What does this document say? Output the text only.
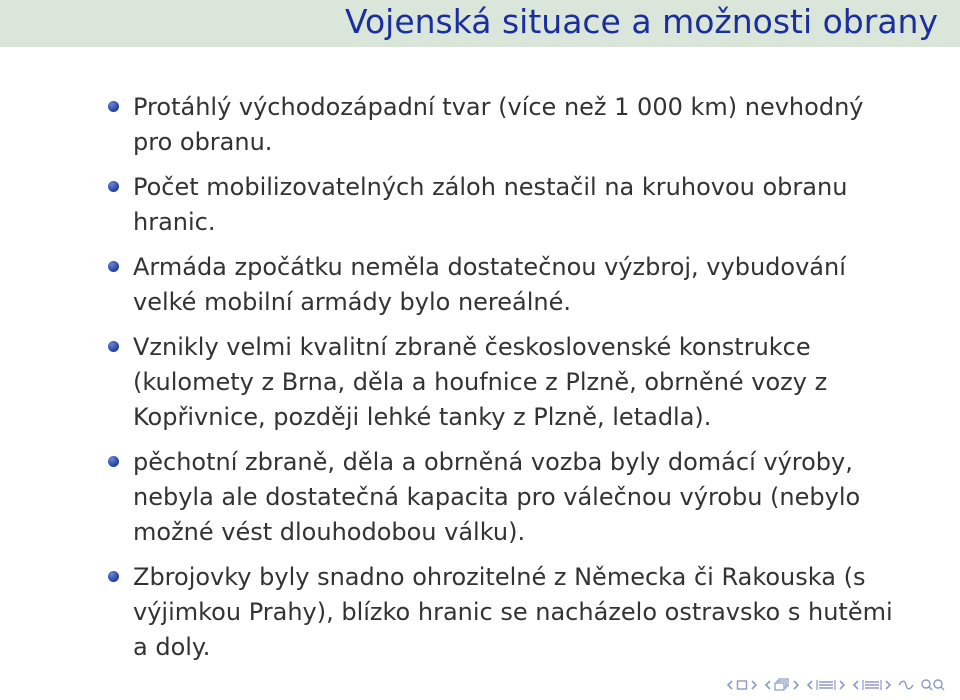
Vojenská situace a možnosti obrany
Protáhlý východozápadní tvar (více než 1 000 km) nevhodný pro obranu.
Počet mobilizovatelných záloh nestačil na kruhovou obranu hranic.
Armáda zpočátku neměla dostatečnou výzbroj, vybudování velké mobilní armády bylo nereálné.
Vznikly velmi kvalitní zbraně československé konstrukce (kulomety z Brna, děla a houfnice z Plzně, obrněné vozy z Kopřivnice, později lehké tanky z Plzně, letadla).
pěchotní zbraně, děla a obrněná vozba byly domácí výroby, nebyla ale dostatečná kapacita pro válečnou výrobu (nebylo možné vést dlouhodobou válku).
Zbrojovky byly snadno ohrozitelné z Německa či Rakouska (s výjimkou Prahy), blízko hranic se nacházelo ostravsko s hutěmi a doly.
